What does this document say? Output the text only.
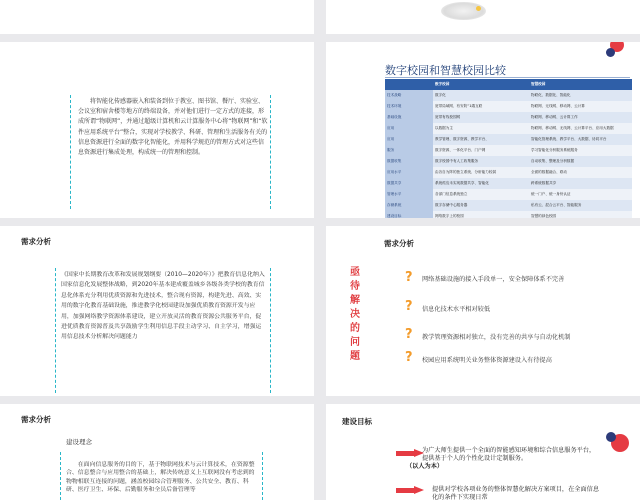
将智能化传感器嵌入和装备到位于教室、图书馆、餐厅、实验室、会议室和宿舍楼等地方的终端设备，并对他们进行一定方式的连接，形成所谓“物联网”，并通过超级计算机和云计算服务中心将“物联网”和“软件应用系统平台”整合，实现对学校教学、科研、管理和生活服务有关的信息资源进行全面的数字化智能化，并用科学规范的管理方式对这些信息资源进行集成处理，构成统一的管理和控制。
数字校园和智慧校园比较
	数字校园	智慧校园
技术战略	数字化	物联化、数据化、智能化
技术环境	宽带局域网、有安防“1端互联	物联网、无线网、移动网、云计算
基础设施	宽带有线校园网	物联网、移动网、云计算工作
应用	以数据为主	物联网、移动网、无线网、云计算平台、应用大数据
应用	教学管理、数字资源、教学平台、	智能化管理系统、教学平台、大数据、协同平台
服务	数字资源、一体化平台、门户网	学习智能化分析服务系统服务
数据收集	数字校园中有人工收集服务	自动收集、整理及分析数据
应用水平	由各自为阵的独立系统、分析能力较弱	全面的数据融合、联动
数据共享	系统孤岛未实现数据共享、智能化	跨系统数据共享
管理水平	各部门信息系统独立	统一门户、统一身份认证
存储系统	数字存储中心服务器	私有云、混合云平台、智能服务
建设目标	网络数字上的校园	智慧的绿色校园
需求分析
《国家中长期教育改革和发展规划纲要（2010—2020年）》把教育信息化纳入国家信息化发展整体战略，到2020年基本建成覆盖城乡各级各类学校的教育信息化体系充分利用优质资源和先进技术，整合现有资源，构建先进、高效、实用的数字化教育基础设施，推进教学化校园建设加强优质教育资源开发与应用，加强网络教学资源体系建设，建立开放灵活的教育资源公共服务平台，促进优质教育资源普及共享鼓励学生利用信息手段主动学习、自主学习，增强运用信息技术分析解决问题能力
需求分析
亟待解决的问题
? 网络基础设施的接入手段单一，安全保障体系不完善
? 信息化技术水平相对较低
? 教学管理资源相对独立，没有完善的共享与自动化机制
? 校园应用系统明关业务整体资源建设入有待提高
需求分析
建设理念
在面向信息服务的目的下，基于物联网技术与云计算技术，在资源整合、信息整合与应用整合的基础上，解决传统意义上互联网没有考虑到的物物相联互连接的问题，涵盖校园综合管理服务、公共安全、教育、科研、医疗卫生、环保、后勤服务和全员后备管理等
建设目标
为广大师生提供一个全面的智能感知环境和综合信息服务平台，提供基于个人的个性化设计定制服务。
（以人为本）
提供对学校各项业务的整体智慧化解决方案项目，在全面信息化的条件下实现日常
